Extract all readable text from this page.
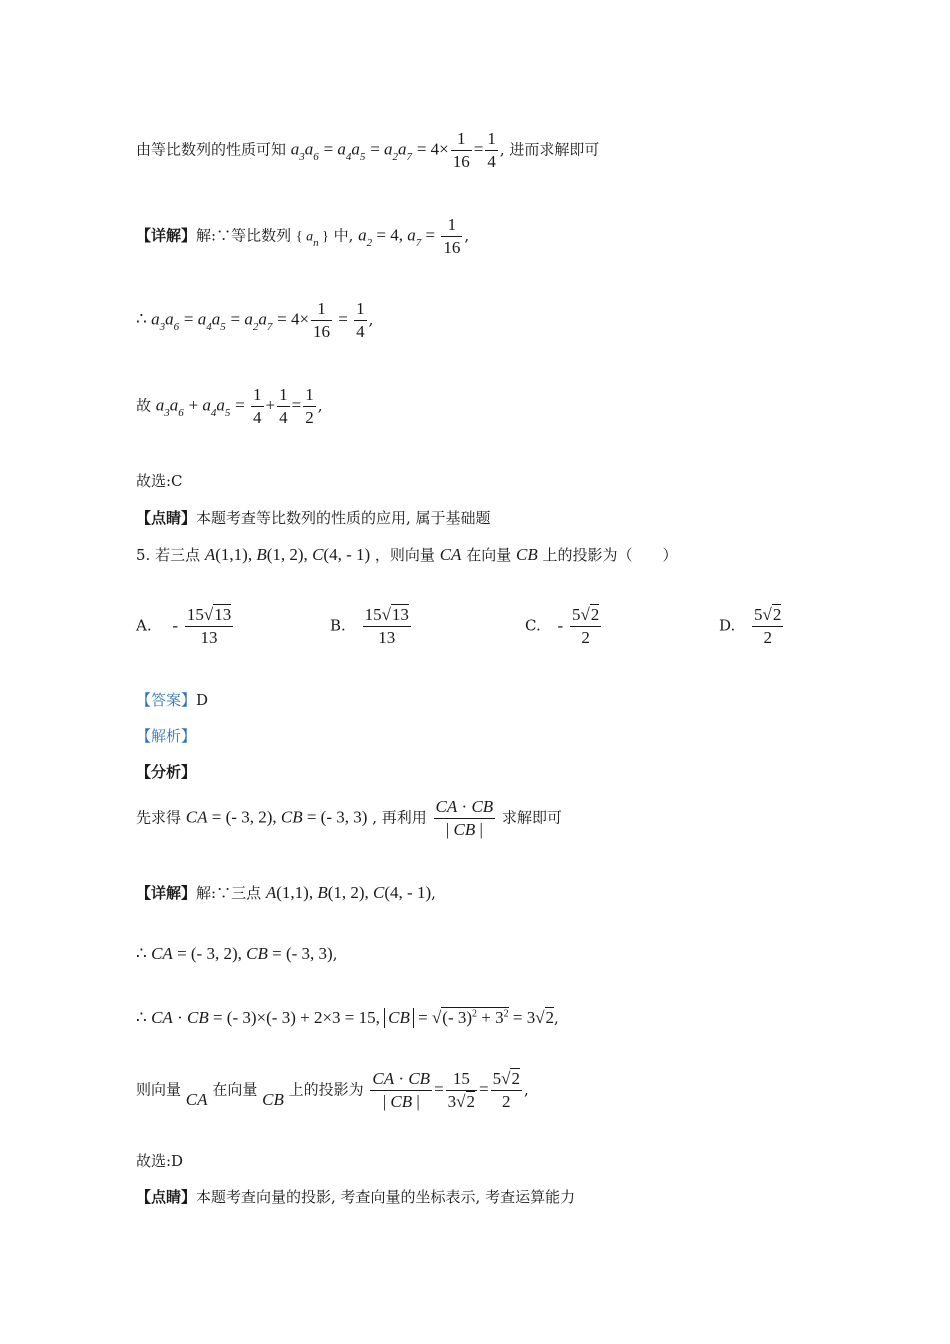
由等比数列的性质可知 $a_3a_6 = a_4a_5 = a_2a_7 = 4\times \frac{1}{16} = \frac{1}{4}$ , 进而求解即可
【详解】解:∵等比数列 { $a_n$ } 中, $a_2 = 4$, $a_7 = \frac{1}{16}$ ,
∴ $a_3a_6 = a_4a_5 = a_2a_7 = 4\times \frac{1}{16} = \frac{1}{4}$ ,
故 $a_3a_6 + a_4a_5 = \frac{1}{4} + \frac{1}{4} = \frac{1}{2}$ ,
故选:C
【点睛】本题考查等比数列的性质的应用, 属于基础题
5. 若三点 A(1,1), B(1, 2), C(4, - 1) ，则向量 CA 在向量 CB 上的投影为（　　）
A. - $\frac{15√13}{13}$	B. $\frac{15√13}{13}$	C. - $\frac{5√2}{2}$	D. $\frac{5√2}{2}$
【答案】D
【解析】
【分析】
先求得 CA = (- 3, 2), CB = (- 3, 3) , 再利用 $\frac{CA \cdot CB}{| CB |}$ 求解即可
【详解】解:∵三点 A(1,1), B(1, 2), C(4, - 1),
∴ CA = (- 3, 2), CB = (- 3, 3),
∴ CA · CB = (- 3)×(- 3) + 2×3 = 15, CB = √(- $3)^2 + 3^2 = 3√2$,
则向量 CA 在向量 CB 上的投影为 $\frac{CA \cdot CB}{| CB |} = \frac{15}{3√2} = \frac{5√2}{2}$ ,
故选:D
【点睛】本题考查向量的投影, 考查向量的坐标表示, 考查运算能力
